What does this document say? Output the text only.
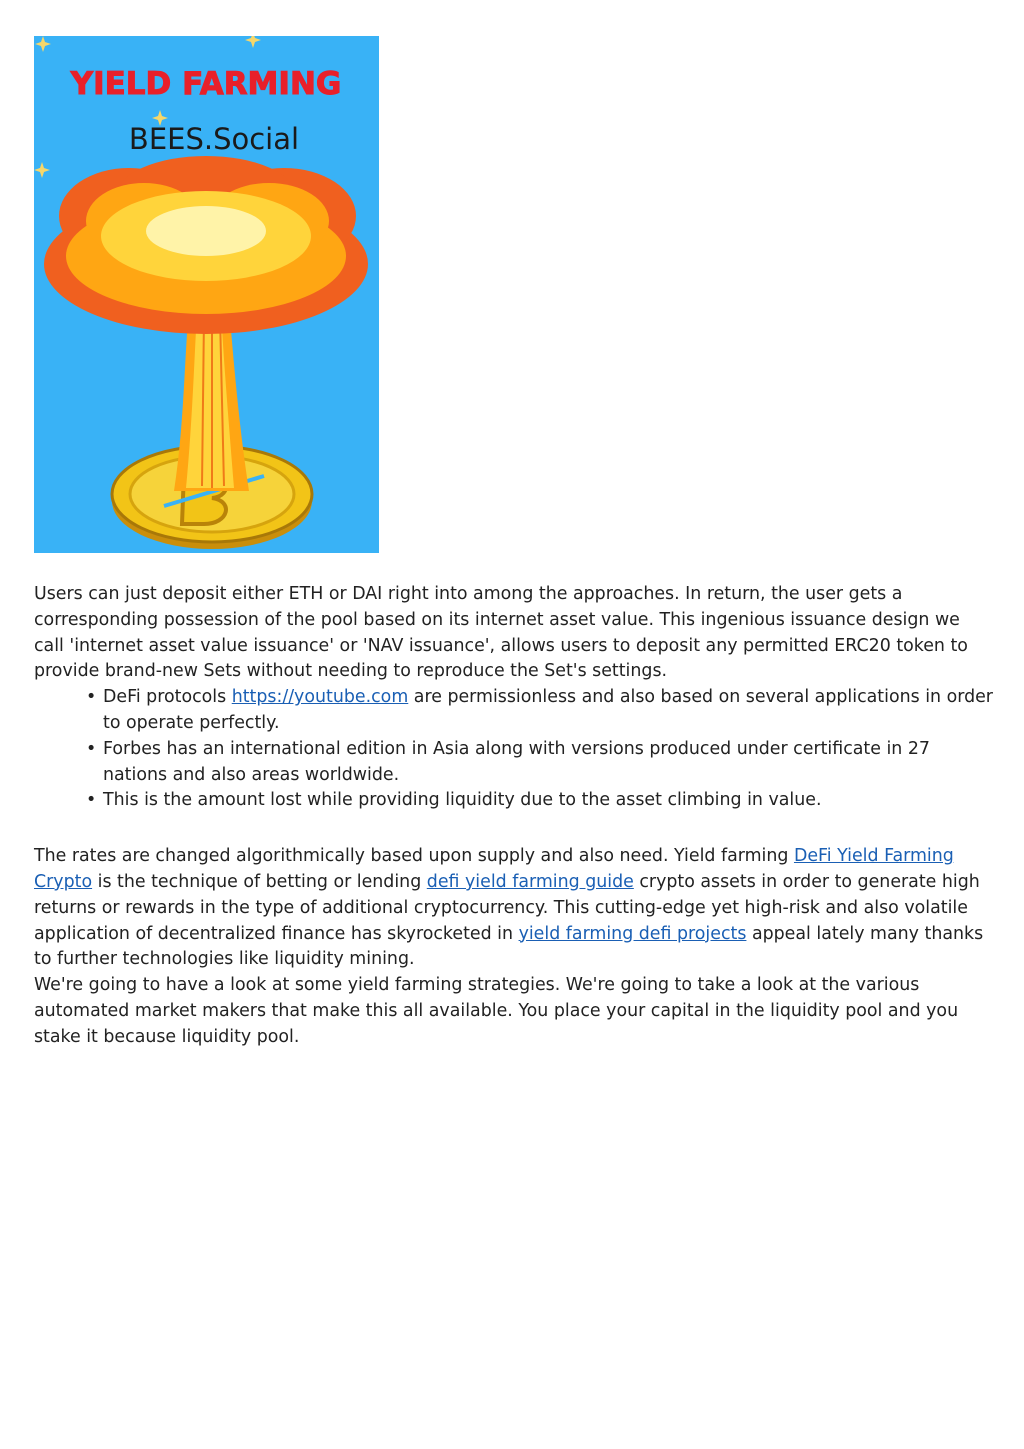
YIELD FARMING
BEES.Social

Users can just deposit either ETH or DAI right into among the approaches. In return, the user gets a corresponding possession of the pool based on its internet asset value. This ingenious issuance design we call 'internet asset value issuance' or 'NAV issuance', allows users to deposit any permitted ERC20 token to provide brand-new Sets without needing to reproduce the Set's settings.

• DeFi protocols https://youtube.com are permissionless and also based on several applications in order to operate perfectly.
• Forbes has an international edition in Asia along with versions produced under certificate in 27 nations and also areas worldwide.
• This is the amount lost while providing liquidity due to the asset climbing in value.

The rates are changed algorithmically based upon supply and also need. Yield farming DeFi Yield Farming Crypto is the technique of betting or lending defi yield farming guide crypto assets in order to generate high returns or rewards in the type of additional cryptocurrency. This cutting-edge yet high-risk and also volatile application of decentralized finance has skyrocketed in yield farming defi projects appeal lately many thanks to further technologies like liquidity mining.

We're going to have a look at some yield farming strategies. We're going to take a look at the various automated market makers that make this all available. You place your capital in the liquidity pool and you stake it because liquidity pool.
